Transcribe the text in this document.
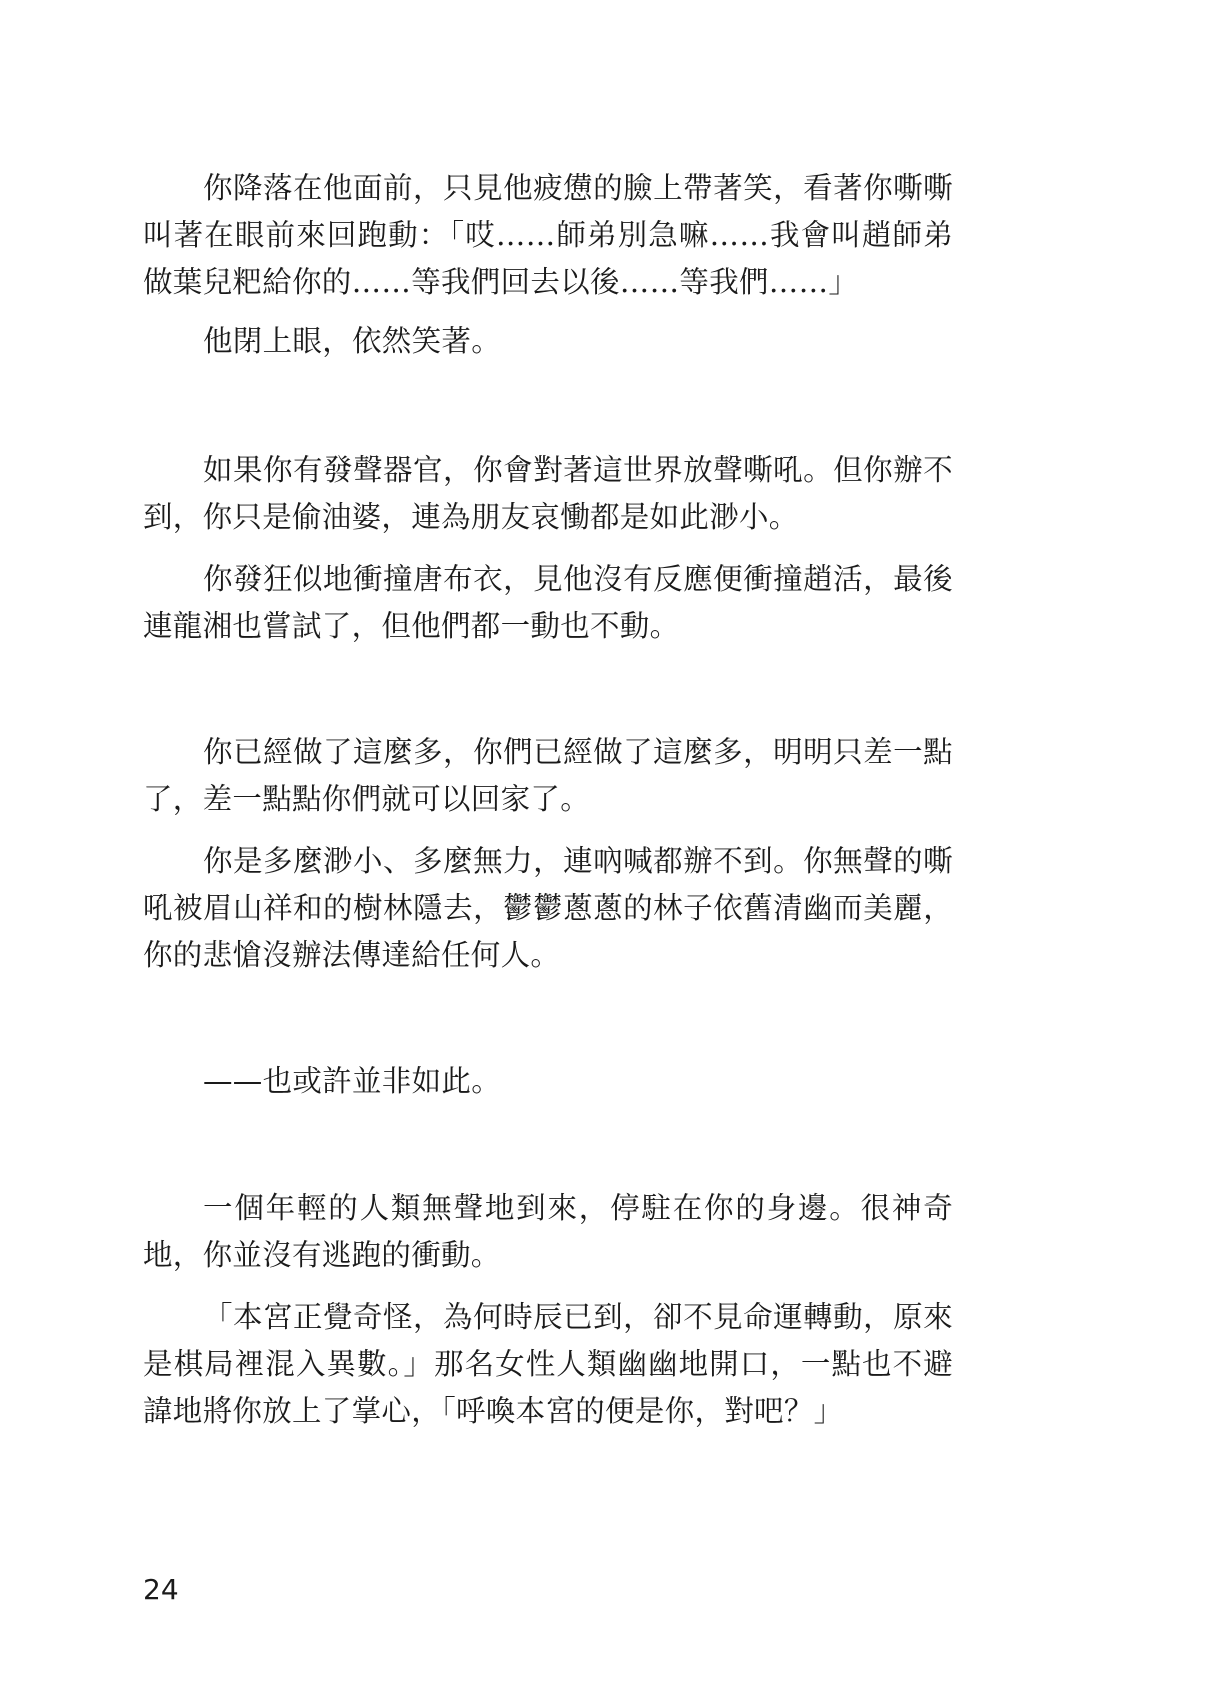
你降落在他面前，只見他疲憊的臉上帶著笑，看著你嘶嘶叫著在眼前來回跑動：「哎……師弟別急嘛……我會叫趙師弟做葉兒粑給你的……等我們回去以後……等我們……」

他閉上眼，依然笑著。

如果你有發聲器官，你會對著這世界放聲嘶吼。但你辦不到，你只是偷油婆，連為朋友哀慟都是如此渺小。

你發狂似地衝撞唐布衣，見他沒有反應便衝撞趙活，最後連龍湘也嘗試了，但他們都一動也不動。

你已經做了這麼多，你們已經做了這麼多，明明只差一點了，差一點點你們就可以回家了。

你是多麼渺小、多麼無力，連吶喊都辦不到。你無聲的嘶吼被眉山祥和的樹林隱去，鬱鬱蔥蔥的林子依舊清幽而美麗，你的悲愴沒辦法傳達給任何人。

——也或許並非如此。

一個年輕的人類無聲地到來，停駐在你的身邊。很神奇地，你並沒有逃跑的衝動。

「本宮正覺奇怪，為何時辰已到，卻不見命運轉動，原來是棋局裡混入異數。」那名女性人類幽幽地開口，一點也不避諱地將你放上了掌心，「呼喚本宮的便是你，對吧？」

24
